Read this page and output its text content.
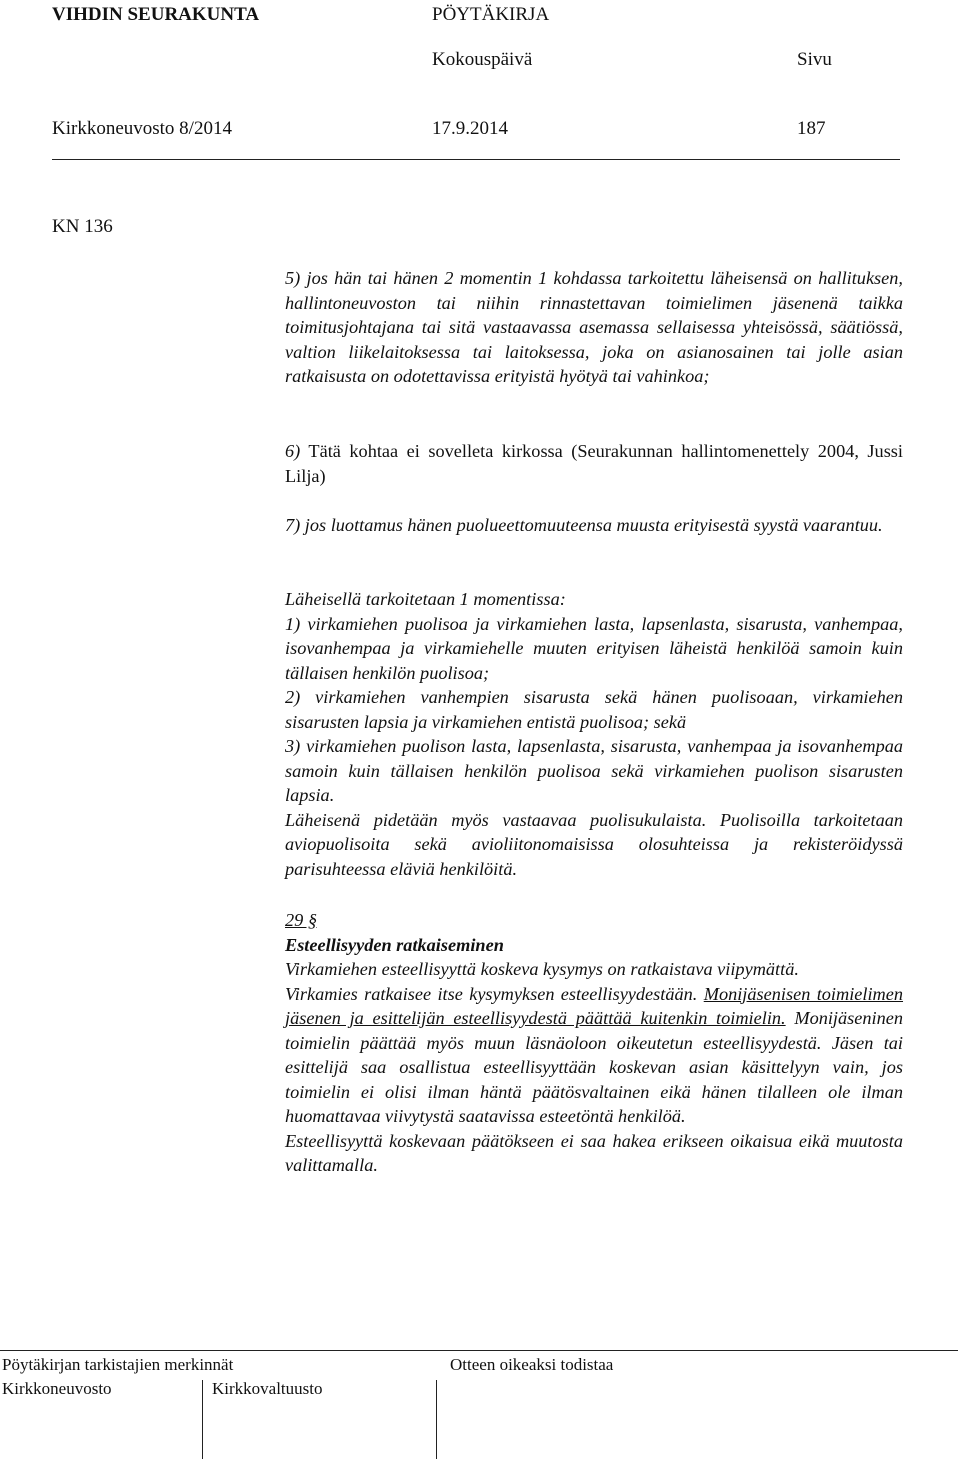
VIHDIN SEURAKUNTA	PÖYTÄKIRJA
Kokouspäivä	Sivu
Kirkkoneuvosto 8/2014	17.9.2014	187
KN 136
5) jos hän tai hänen 2 momentin 1 kohdassa tarkoitettu läheisensä on hallituksen, hallintoneuvoston tai niihin rinnastettavan toimielimen jäsenenä taikka toimitusjohtajana tai sitä vastaavassa asemassa sellaisessa yhteisössä, säätiössä, valtion liikelaitoksessa tai laitoksessa, joka on asianosainen tai jolle asian ratkaisusta on odotettavissa erityistä hyötyä tai vahinkoa;
6) Tätä kohtaa ei sovelleta kirkossa (Seurakunnan hallintomenettely 2004, Jussi Lilja)
7) jos luottamus hänen puolueettomuuteensa muusta erityisestä syystä vaarantuu.
Läheisellä tarkoitetaan 1 momentissa:
1) virkamiehen puolisoa ja virkamiehen lasta, lapsenlasta, sisarusta, vanhempaa, isovanhempaa ja virkamiehelle muuten erityisen läheistä henkilöä samoin kuin tällaisen henkilön puolisoa;
2) virkamiehen vanhempien sisarusta sekä hänen puolisoaan, virkamiehen sisarusten lapsia ja virkamiehen entistä puolisoa; sekä
3) virkamiehen puolison lasta, lapsenlasta, sisarusta, vanhempaa ja isovanhempaa samoin kuin tällaisen henkilön puolisoa sekä virkamiehen puolison sisarusten lapsia.
Läheisenä pidetään myös vastaavaa puolisukulaista. Puolisoilla tarkoitetaan aviopuolisoita sekä avioliitonomaisissa olosuhteissa ja rekisteröidyssä parisuhteessa eläviä henkilöitä.
29 §
Esteellisyyden ratkaiseminen
Virkamiehen esteellisyyttä koskeva kysymys on ratkaistava viipymättä.
Virkamies ratkaisee itse kysymyksen esteellisyydestään. Monijäsenisen toimielimen jäsenen ja esittelijän esteellisyydestä päättää kuitenkin toimielin. Monijäseninen toimielin päättää myös muun läsnäoloon oikeutetun esteellisyydestä. Jäsen tai esittelijä saa osallistua esteellisyyttään koskevan asian käsittelyyn vain, jos toimielin ei olisi ilman häntä päätösvaltainen eikä hänen tilalleen ole ilman huomattavaa viivytystä saatavissa esteetöntä henkilöä.
Esteellisyyttä koskevaan päätökseen ei saa hakea erikseen oikaisua eikä muutosta valittamalla.
Pöytäkirjan tarkistajien merkinnät	Otteen oikeaksi todistaa
Kirkkoneuvosto	Kirkkovaltuusto
